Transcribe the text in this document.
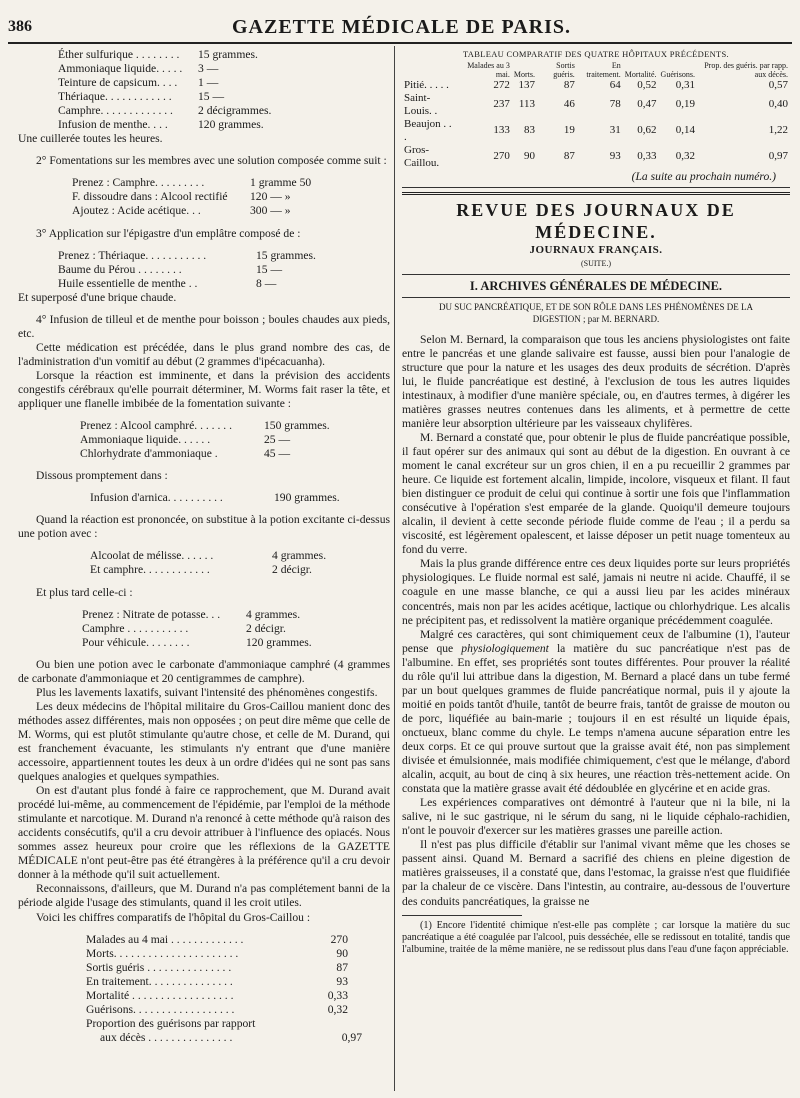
386	GAZETTE MÉDICALE DE PARIS.
Éther sulfurique . . . . . . . .	15 grammes.
Ammoniaque liquide. . . . .	3 —
Teinture de capsicum. . . .	1 —
Thériaque. . . . . . . . . . . .	15 —
Camphre. . . . . . . . . . . . .	2 décigrammes.
Infusion de menthe. . . .	120 grammes.

Une cuillerée toutes les heures.

2° Fomentations sur les membres avec une solution composée comme suit :

Prenez : Camphre. . . . . . . . .	1 gramme 50
F. dissoudre dans : Alcool rectifié	120 — »
Ajoutez : Acide acétique. . .	300 — »

3° Application sur l'épigastre d'un emplâtre composé de :

Prenez : Thériaque. . . . . . . . . . .	15 grammes.
Baume du Pérou . . . . . . . .	15 —
Huile essentielle de menthe . .	8 —

Et superposé d'une brique chaude.

4° Infusion de tilleul et de menthe pour boisson ; boules chaudes aux pieds, etc.

Cette médication est précédée, dans le plus grand nombre des cas, de l'administration d'un vomitif au début (2 grammes d'ipécacuanha).

Lorsque la réaction est imminente, et dans la prévision des accidents congestifs cérébraux qu'elle pourrait déterminer, M. Worms fait raser la tête, et appliquer une flanelle imbibée de la fomentation suivante :

Prenez : Alcool camphré. . . . . . .	150 grammes.
Ammoniaque liquide. . . . . .	25 —
Chlorhydrate d'ammoniaque .	45 —

Dissous promptement dans :

Infusion d'arnica. . . . . . . . . .	190 grammes.

Quand la réaction est prononcée, on substitue à la potion excitante ci-dessus une potion avec :

Alcoolat de mélisse. . . . . .	4 grammes.
Et camphre. . . . . . . . . . . .	2 décigr.

Et plus tard celle-ci :

Prenez : Nitrate de potasse. . .	4 grammes.
Camphre . . . . . . . . . . .	2 décigr.
Pour véhicule. . . . . . . .	120 grammes.

Ou bien une potion avec le carbonate d'ammoniaque camphré (4 grammes de carbonate d'ammoniaque et 20 centigrammes de camphre).

Plus les lavements laxatifs, suivant l'intensité des phénomènes congestifs.

Les deux médecins de l'hôpital militaire du Gros-Caillou manient donc des méthodes assez différentes, mais non opposées ; on peut dire même que celle de M. Worms, qui est plutôt stimulante qu'autre chose, et celle de M. Durand, qui est franchement évacuante, les stimulants n'y entrant que d'une manière accessoire, appartiennent toutes les deux à un ordre d'idées qui ne sont pas sans quelques analogies et quelques sympathies.

On est d'autant plus fondé à faire ce rapprochement, que M. Durand avait procédé lui-même, au commencement de l'épidémie, par l'emploi de la méthode stimulante et narcotique. M. Durand n'a renoncé à cette méthode qu'à raison des accidents consécutifs, qu'il a cru devoir attribuer à l'influence des opiacés. Nous sommes assez heureux pour croire que les réflexions de la GAZETTE MÉDICALE n'ont peut-être pas été étrangères à la préférence qu'il a cru devoir donner à la méthode qu'il suit actuellement.

Reconnaissons, d'ailleurs, que M. Durand n'a pas complétement banni de la période algide l'usage des stimulants, quand il les croit utiles.

Voici les chiffres comparatifs de l'hôpital du Gros-Caillou :

Malades au 4 mai . . . . . . . . . . . . .	270
Morts. . . . . . . . . . . . . . . . . . . . . .	90
Sortis guéris . . . . . . . . . . . . . . .	87
En traitement. . . . . . . . . . . . . . .	93
Mortalité . . . . . . . . . . . . . . . . . .	0,33
Guérisons. . . . . . . . . . . . . . . . . .	0,32
Proportion des guérisons par rapport
aux décès . . . . . . . . . . . . . . .	0,97

TABLEAU COMPARATIF DES QUATRE HÔPITAUX PRÉCÉDENTS.

	Malades au 3 mai.	Morts.	Sortis guéris.	En traitement.	Mortalité.	Guérisons.	Prop. des guéris. par rapp. aux décès.
Pitié. . . . .	272	137	87	64	0,52	0,31	0,57
Saint-Louis. .	237	113	46	78	0,47	0,19	0,40
Beaujon . . .	133	83	19	31	0,62	0,14	1,22
Gros-Caillou.	270	90	87	93	0,33	0,32	0,97

(La suite au prochain numéro.)

REVUE DES JOURNAUX DE MÉDECINE.

JOURNAUX FRANÇAIS.

(SUITE.)

I. ARCHIVES GÉNÉRALES DE MÉDECINE.

DU SUC PANCRÉATIQUE, ET DE SON RÔLE DANS LES PHÉNOMÈNES DE LA DIGESTION ; par M. BERNARD.

Selon M. Bernard, la comparaison que tous les anciens physiologistes ont faite entre le pancréas et une glande salivaire est fausse, aussi bien pour l'analogie de structure que pour la nature et les usages des deux produits de sécrétion. D'après lui, le fluide pancréatique est destiné, à l'exclusion de tous les autres liquides intestinaux, à modifier d'une manière spéciale, ou, en d'autres termes, à digérer les matières grasses neutres contenues dans les aliments, et à permettre de cette manière leur absorption ultérieure par les vaisseaux chylifères.

M. Bernard a constaté que, pour obtenir le plus de fluide pancréatique possible, il faut opérer sur des animaux qui sont au début de la digestion. En ouvrant à ce moment le canal excréteur sur un gros chien, il en a pu recueillir 2 grammes par heure. Ce liquide est fortement alcalin, limpide, incolore, visqueux et filant. Il faut bien distinguer ce produit de celui qui continue à sortir une fois que l'inflammation consécutive à l'opération s'est emparée de la glande. Quoiqu'il demeure toujours alcalin, il devient à cette seconde période fluide comme de l'eau ; il a perdu sa viscosité, est légèrement opalescent, et laisse déposer un petit nuage tomenteux au fond du verre.

Mais la plus grande différence entre ces deux liquides porte sur leurs propriétés physiologiques. Le fluide normal est salé, jamais ni neutre ni acide. Chauffé, il se coagule en une masse blanche, ce qui a aussi lieu par les acides minéraux concentrés, mais non par les acides acétique, lactique ou chlorhydrique. Les alcalis ne précipitent pas, et redissolvent la matière organique précédemment coagulée.

Malgré ces caractères, qui sont chimiquement ceux de l'albumine (1), l'auteur pense que physiologiquement la matière du suc pancréatique n'est pas de l'albumine. En effet, ses propriétés sont toutes différentes. Pour prouver la réalité du rôle qu'il lui attribue dans la digestion, M. Bernard a placé dans un tube fermé par un bout quelques grammes de fluide pancréatique normal, puis il y ajoute la moitié en poids tantôt d'huile, tantôt de beurre frais, tantôt de graisse de mouton ou de porc, liquéfiée au bain-marie ; toujours il en est résulté un liquide épais, onctueux, blanc comme du chyle. Le temps n'amena aucune séparation entre les deux corps. Et ce qui prouve surtout que la graisse avait été, non pas simplement divisée et émulsionnée, mais modifiée chimiquement, c'est que le mélange, d'abord alcalin, acquit, au bout de cinq à six heures, une réaction très-nettement acide. On constata que la matière grasse avait été dédoublée en glycérine et en acide gras.

Les expériences comparatives ont démontré à l'auteur que ni la bile, ni la salive, ni le suc gastrique, ni le sérum du sang, ni le liquide céphalo-rachidien, n'ont le pouvoir d'exercer sur les matières grasses une pareille action.

Il n'est pas plus difficile d'établir sur l'animal vivant même que les choses se passent ainsi. Quand M. Bernard a sacrifié des chiens en pleine digestion de matières graisseuses, il a constaté que, dans l'estomac, la graisse n'est que fluidifiée par la chaleur de ce viscère. Dans l'intestin, au contraire, au-dessous de l'ouverture des conduits pancréatiques, la graisse ne

(1) Encore l'identité chimique n'est-elle pas complète ; car lorsque la matière du suc pancréatique a été coagulée par l'alcool, puis desséchée, elle se redissout en totalité, tandis que l'albumine, traitée de la même manière, ne se redissout plus dans l'eau d'une façon appréciable.
